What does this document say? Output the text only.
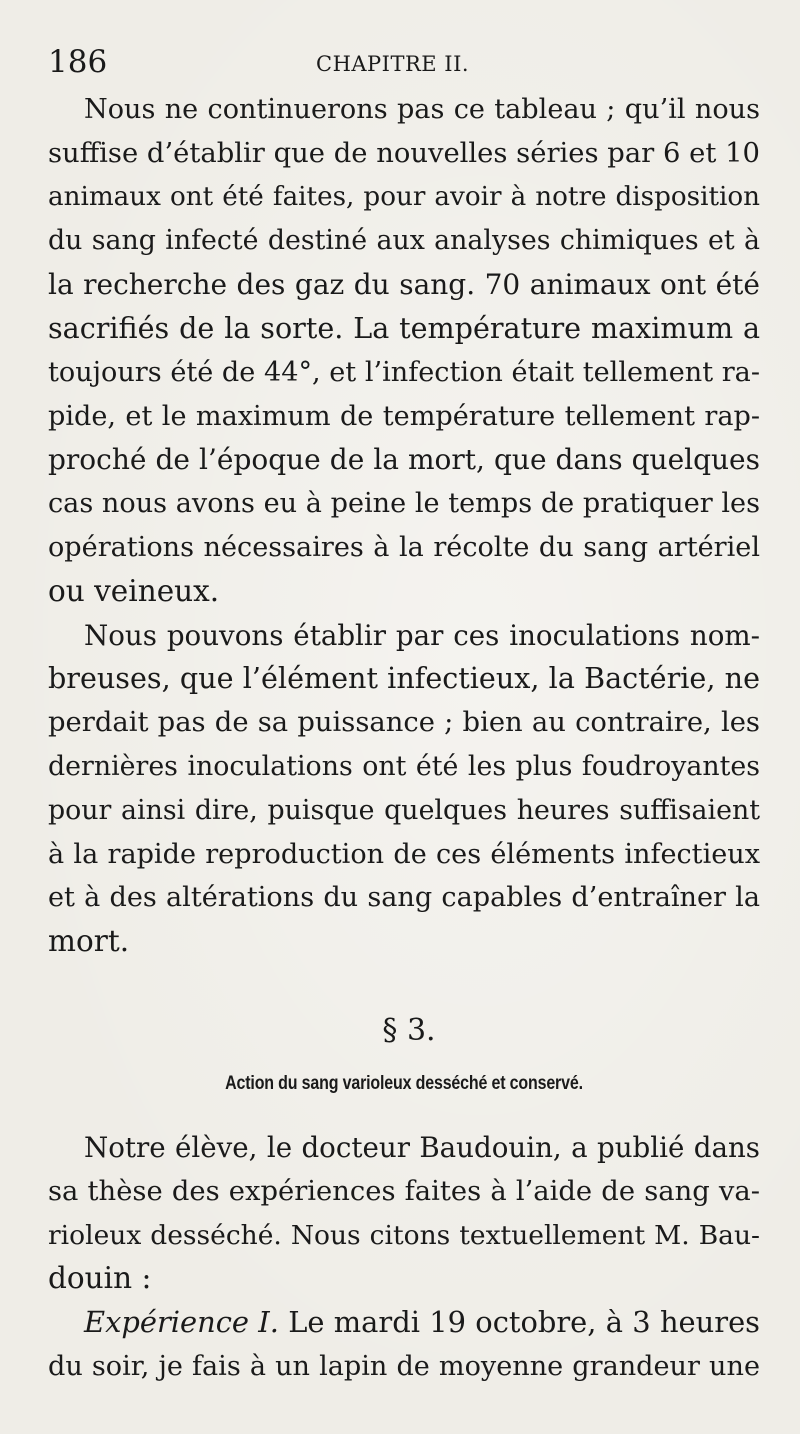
186	CHAPITRE II.

Nous ne continuerons pas ce tableau ; qu’il nous
suffise d’établir que de nouvelles séries par 6 et 10
animaux ont été faites, pour avoir à notre disposition
du sang infecté destiné aux analyses chimiques et à
la recherche des gaz du sang. 70 animaux ont été
sacrifiés de la sorte. La température maximum a
toujours été de 44°, et l’infection était tellement ra-
pide, et le maximum de température tellement rap-
proché de l’époque de la mort, que dans quelques
cas nous avons eu à peine le temps de pratiquer les
opérations nécessaires à la récolte du sang artériel
ou veineux.

Nous pouvons établir par ces inoculations nom-
breuses, que l’élément infectieux, la Bactérie, ne
perdait pas de sa puissance ; bien au contraire, les
dernières inoculations ont été les plus foudroyantes
pour ainsi dire, puisque quelques heures suffisaient
à la rapide reproduction de ces éléments infectieux
et à des altérations du sang capables d’entraîner la
mort.

§ 3.
Action du sang varioleux desséché et conservé.

Notre élève, le docteur Baudouin, a publié dans
sa thèse des expériences faites à l’aide de sang va-
rioleux desséché. Nous citons textuellement M. Bau-
douin :

Expérience I. Le mardi 19 octobre, à 3 heures
du soir, je fais à un lapin de moyenne grandeur une
